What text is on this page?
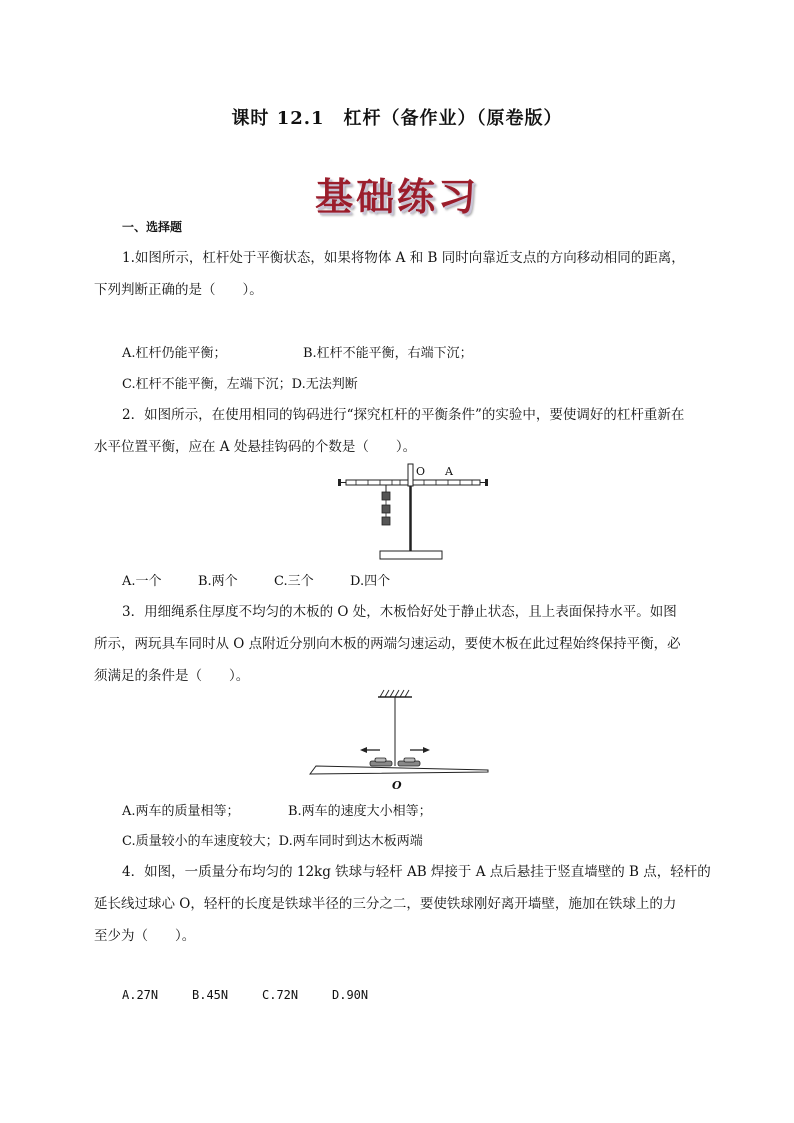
课时 12.1　杠杆（备作业）（原卷版）
基础练习
一、选择题
1.如图所示，杠杆处于平衡状态，如果将物体 A 和 B 同时向靠近支点的方向移动相同的距离，
下列判断正确的是（　　）。
A.杠杆仍能平衡；	B.杠杆不能平衡，右端下沉；
C.杠杆不能平衡，左端下沉；D.无法判断
2．如图所示，在使用相同的钩码进行“探究杠杆的平衡条件”的实验中，要使调好的杠杆重新在
水平位置平衡，应在 A 处悬挂钩码的个数是（　　）。
O A
A.一个	B.两个	C.三个	D.四个
3．用细绳系住厚度不均匀的木板的 O 处，木板恰好处于静止状态，且上表面保持水平。如图
所示，两玩具车同时从 O 点附近分别向木板的两端匀速运动，要使木板在此过程始终保持平衡，必
须满足的条件是（　　）。
O
A.两车的质量相等；	B.两车的速度大小相等；
C.质量较小的车速度较大；D.两车同时到达木板两端
4．如图，一质量分布均匀的 12kg 铁球与轻杆 AB 焊接于 A 点后悬挂于竖直墙壁的 B 点，轻杆的
延长线过球心 O，轻杆的长度是铁球半径的三分之二，要使铁球刚好离开墙壁，施加在铁球上的力
至少为（　　）。
A.27N	B.45N	C.72N	D.90N
